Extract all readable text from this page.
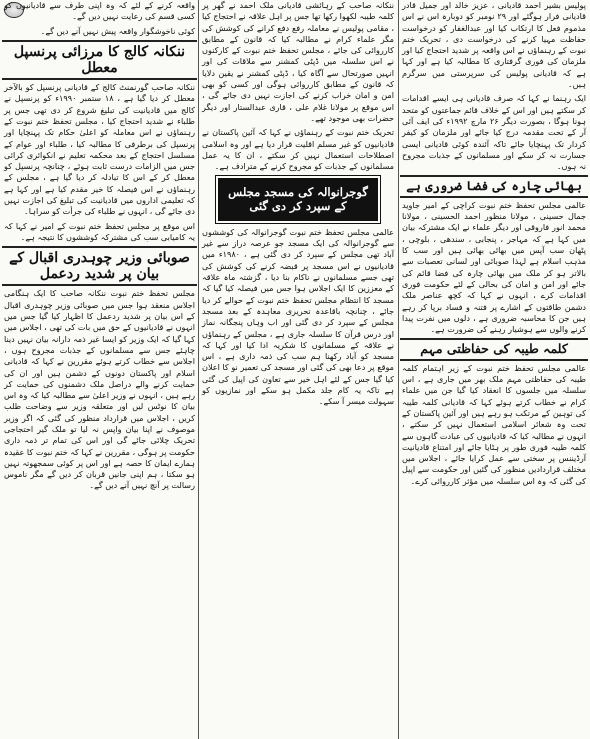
پولیس بشیر احمد قادیانی ، عزیز خالد اور جمیل قادر قادیانی فرار ہوگئے اور ۲۹ نومبر کو دوبارہ اس نے اس مذموم فعل کا ارتکاب کیا اور عبدالغفار کو درخواست حفاظت مہیا کرنے کی درخواست دی ، تحریک ختم نبوت کے رہنماؤں نے اس واقعہ پر شدید احتجاج کیا اور ملزمان کی فوری گرفتاری کا مطالبہ کیا ہے اور کہا ہے کہ قادیانی پولیس کی سرپرستی میں سرگرم ہیں۔

ایک رہنما نے کہا کہ صرف قادیانی ہی ایسے اقدامات کر سکتے ہیں اور اس کے خلاف قائم جماعتوں کو متحد ہونا ہوگا ، بصورت دیگر ۲۶ مارچ ۱۹۹۲ء کی ایف آئی آر کے تحت مقدمہ درج کیا جائے اور ملزمان کو کیفر کردار تک پہنچایا جائے تاکہ آئندہ کوئی قادیانی ایسی جسارت نہ کر سکے اور مسلمانوں کے جذبات مجروح نہ ہوں۔

بھائی چارہ کی فضا ضروری ہے

عالمی مجلس تحفظ ختم نبوت کراچی کے امیر جاوید جمال حسینی ، مولانا منظور احمد الحسینی ، مولانا محمد انور فاروقی اور دیگر علماء نے ایک مشترکہ بیان میں کہا ہے کہ مہاجر ، پنجابی ، سندھی ، بلوچی ، پٹھان سب آپس میں بھائی بھائی ہیں اور سب کا مذہب اسلام ہے لہذا صوبائی اور لسانی تعصبات سے بالاتر ہو کر ملک میں بھائی چارہ کی فضا قائم کی جائے اور امن و امان کی بحالی کے لئے حکومت فوری اقدامات کرے ، انہوں نے کہا کہ کچھ عناصر ملک دشمن طاقتوں کے اشارے پر فتنہ و فساد برپا کر رہے ہیں جن کا محاسبہ ضروری ہے ، دلوں میں نفرت پیدا کرنے والوں سے ہوشیار رہنے کی ضرورت ہے۔

کلمہ طیبہ کی حفاظتی مہم

عالمی مجلس تحفظ ختم نبوت کے زیر اہتمام کلمہ طیبہ کی حفاظتی مہم ملک بھر میں جاری ہے ، اس سلسلہ میں جلسوں کا انعقاد کیا گیا جن میں علماء کرام نے خطاب کرتے ہوئے کہا کہ قادیانی کلمہ طیبہ کی توہین کے مرتکب ہو رہے ہیں اور آئین پاکستان کے تحت وہ شعائر اسلامی استعمال نہیں کر سکتے ، انہوں نے مطالبہ کیا کہ قادیانیوں کی عبادت گاہوں سے کلمہ طیبہ فوری طور پر ہٹایا جائے اور امتناع قادیانیت آرڈیننس پر سختی سے عمل کرایا جائے ، اجلاس میں مختلف قراردادیں منظور کی گئیں اور حکومت سے اپیل کی گئی کہ وہ اس سلسلہ میں مؤثر کارروائی کرے۔

ننکانہ صاحب کے رہائشی قادیانی ملک احمد نے گھر پر کلمہ طیبہ لکھوا رکھا تھا جس پر اہل علاقہ نے احتجاج کیا ، مقامی پولیس نے معاملہ رفع دفع کرانے کی کوشش کی مگر علماء کرام نے مطالبہ کیا کہ قانون کے مطابق کارروائی کی جائے ، مجلس تحفظ ختم نبوت کے کارکنوں نے اس سلسلہ میں ڈپٹی کمشنر سے ملاقات کی اور انہیں صورتحال سے آگاہ کیا ، ڈپٹی کمشنر نے یقین دلایا کہ قانون کے مطابق کارروائی ہوگی اور کسی کو بھی امن و امان خراب کرنے کی اجازت نہیں دی جائے گی ، اس موقع پر مولانا غلام علی ، قاری عبدالستار اور دیگر حضرات بھی موجود تھے۔

تحریک ختم نبوت کے رہنماؤں نے کہا کہ آئین پاکستان نے قادیانیوں کو غیر مسلم اقلیت قرار دیا ہے اور وہ اسلامی اصطلاحات استعمال نہیں کر سکتے ، ان کا یہ عمل مسلمانوں کے جذبات کو مجروح کرنے کے مترادف ہے۔

گوجرانوالہ کی مسجد مجلس کے سپرد کر دی گئی

عالمی مجلس تحفظ ختم نبوت گوجرانوالہ کی کوششوں سے گوجرانوالہ کی ایک مسجد جو عرصہ دراز سے غیر آباد تھی مجلس کے سپرد کر دی گئی ہے ، ۱۹۸۰ء میں قادیانیوں نے اس مسجد پر قبضہ کرنے کی کوشش کی تھی جسے مسلمانوں نے ناکام بنا دیا ، گزشتہ ماہ علاقہ کے معززین کا ایک اجلاس ہوا جس میں فیصلہ کیا گیا کہ مسجد کا انتظام مجلس تحفظ ختم نبوت کے حوالے کر دیا جائے ، چنانچہ باقاعدہ تحریری معاہدہ کے بعد مسجد مجلس کے سپرد کر دی گئی اور اب وہاں پنجگانہ نماز اور درس قرآن کا سلسلہ جاری ہے ، مجلس کے رہنماؤں نے علاقہ کے مسلمانوں کا شکریہ ادا کیا اور کہا کہ مسجد کو آباد رکھنا ہم سب کی ذمہ داری ہے ، اس موقع پر دعا بھی کی گئی اور مسجد کی تعمیر نو کا اعلان کیا گیا جس کے لئے اہل خیر سے تعاون کی اپیل کی گئی ہے تاکہ یہ کام جلد مکمل ہو سکے اور نمازیوں کو سہولت میسر آ سکے۔

واقعہ کرنے کے لئے کہ وہ اپنی طرف سے قادیانیوں کو کسی قسم کی رعایت نہیں دیں گے۔

کوئی ناخوشگوار واقعہ پیش نہیں آنے دیں گے۔

ننکانہ کالج کا مرزائی پرنسپل معطل

ننکانہ صاحب گورنمنٹ کالج کے قادیانی پرنسپل کو بالآخر معطل کر دیا گیا ہے ، ۱۸ ستمبر ۱۹۹۰ء کو پرنسپل نے کالج میں قادیانیت کی تبلیغ شروع کر دی تھی جس پر طلباء نے شدید احتجاج کیا ، مجلس تحفظ ختم نبوت کے رہنماؤں نے اس معاملہ کو اعلیٰ حکام تک پہنچایا اور پرنسپل کی برطرفی کا مطالبہ کیا ، طلباء اور عوام کے مسلسل احتجاج کے بعد محکمہ تعلیم نے انکوائری کرائی جس میں الزامات درست ثابت ہوئے ، چنانچہ پرنسپل کو معطل کر کے اس کا تبادلہ کر دیا گیا ہے ، مجلس کے رہنماؤں نے اس فیصلہ کا خیر مقدم کیا ہے اور کہا ہے کہ تعلیمی اداروں میں قادیانیت کی تبلیغ کی اجازت نہیں دی جائے گی ، انہوں نے طلباء کی جرأت کو سراہا۔

اس موقع پر مجلس تحفظ ختم نبوت کے امیر نے کہا کہ یہ کامیابی سب کی مشترکہ کوششوں کا نتیجہ ہے۔

صوبائی وزیر چوہدری اقبال کے بیان پر شدید ردعمل

مجلس تحفظ ختم نبوت ننکانہ صاحب کا ایک ہنگامی اجلاس منعقد ہوا جس میں صوبائی وزیر چوہدری اقبال کے اس بیان پر شدید ردعمل کا اظہار کیا گیا جس میں انہوں نے قادیانیوں کے حق میں بات کی تھی ، اجلاس میں کہا گیا کہ ایک وزیر کو ایسا غیر ذمہ دارانہ بیان نہیں دینا چاہئے جس سے مسلمانوں کے جذبات مجروح ہوں ، اجلاس سے خطاب کرتے ہوئے مقررین نے کہا کہ قادیانی اسلام اور پاکستان دونوں کے دشمن ہیں اور ان کی حمایت کرنے والے دراصل ملک دشمنوں کی حمایت کر رہے ہیں ، انہوں نے وزیر اعلیٰ سے مطالبہ کیا کہ وہ اس بیان کا نوٹس لیں اور متعلقہ وزیر سے وضاحت طلب کریں ، اجلاس میں قرارداد منظور کی گئی کہ اگر وزیر موصوف نے اپنا بیان واپس نہ لیا تو ملک گیر احتجاجی تحریک چلائی جائے گی اور اس کی تمام تر ذمہ داری حکومت پر ہوگی ، مقررین نے کہا کہ ختم نبوت کا عقیدہ ہمارے ایمان کا حصہ ہے اور اس پر کوئی سمجھوتہ نہیں ہو سکتا ، ہم اپنی جانیں قربان کر دیں گے مگر ناموس رسالت پر آنچ نہیں آنے دیں گے۔
